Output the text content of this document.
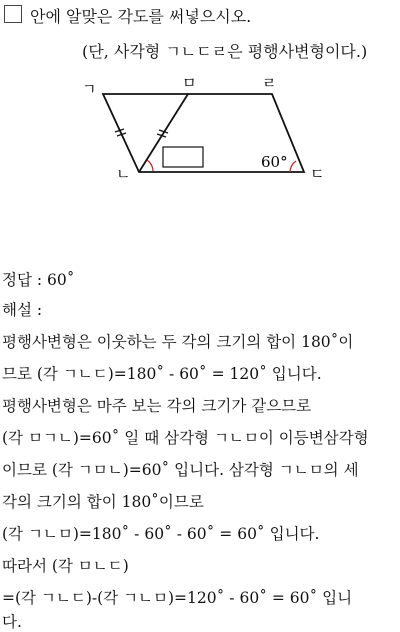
안에 알맞은 각도를 써넣으시오.
(단, 사각형 ㄱㄴㄷㄹ은 평행사변형이다.)
ㄱ	ㅁ	ㄹ
ㄴ	ㄷ
60°
정답 : 60˚
해설 :
평행사변형은 이웃하는 두 각의 크기의 합이 180˚이
므로 (각 ㄱㄴㄷ)=180˚ - 60˚ = 120˚ 입니다.
평행사변형은 마주 보는 각의 크기가 같으므로
(각 ㅁㄱㄴ)=60˚ 일 때 삼각형 ㄱㄴㅁ이 이등변삼각형
이므로 (각 ㄱㅁㄴ)=60˚ 입니다. 삼각형 ㄱㄴㅁ의 세
각의 크기의 합이 180˚이므로
(각 ㄱㄴㅁ)=180˚ - 60˚ - 60˚ = 60˚ 입니다.
따라서 (각 ㅁㄴㄷ)
=(각 ㄱㄴㄷ)-(각 ㄱㄴㅁ)=120˚ - 60˚ = 60˚ 입니
다.
